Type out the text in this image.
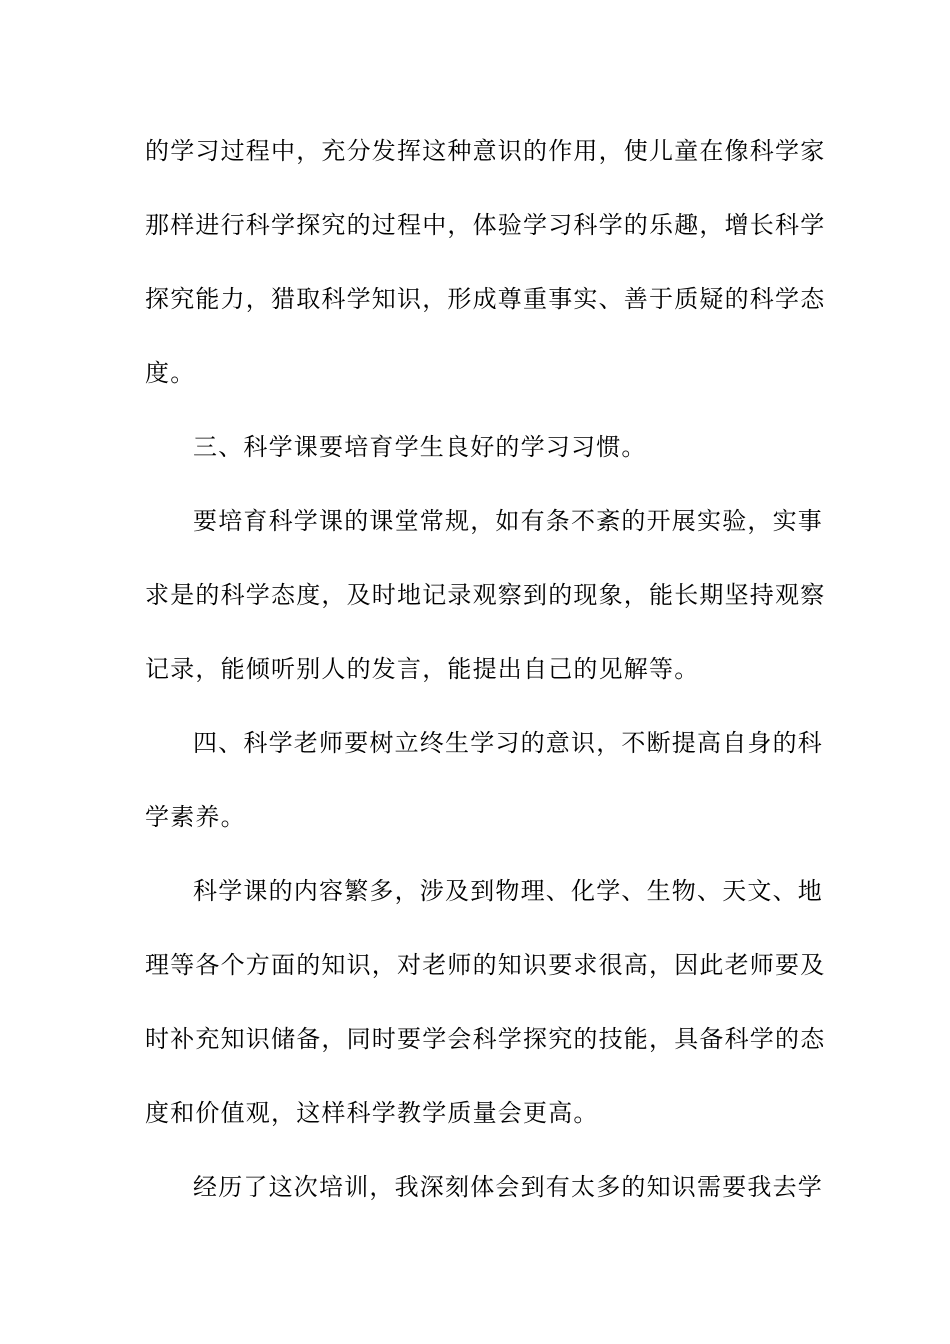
的学习过程中，充分发挥这种意识的作用，使儿童在像科学家
那样进行科学探究的过程中，体验学习科学的乐趣，增长科学
探究能力，猎取科学知识，形成尊重事实、善于质疑的科学态
度。
三、科学课要培育学生良好的学习习惯。
要培育科学课的课堂常规，如有条不紊的开展实验，实事
求是的科学态度，及时地记录观察到的现象，能长期坚持观察
记录，能倾听别人的发言，能提出自己的见解等。
四、科学老师要树立终生学习的意识，不断提高自身的科
学素养。
科学课的内容繁多，涉及到物理、化学、生物、天文、地
理等各个方面的知识，对老师的知识要求很高，因此老师要及
时补充知识储备，同时要学会科学探究的技能，具备科学的态
度和价值观，这样科学教学质量会更高。
经历了这次培训，我深刻体会到有太多的知识需要我去学
